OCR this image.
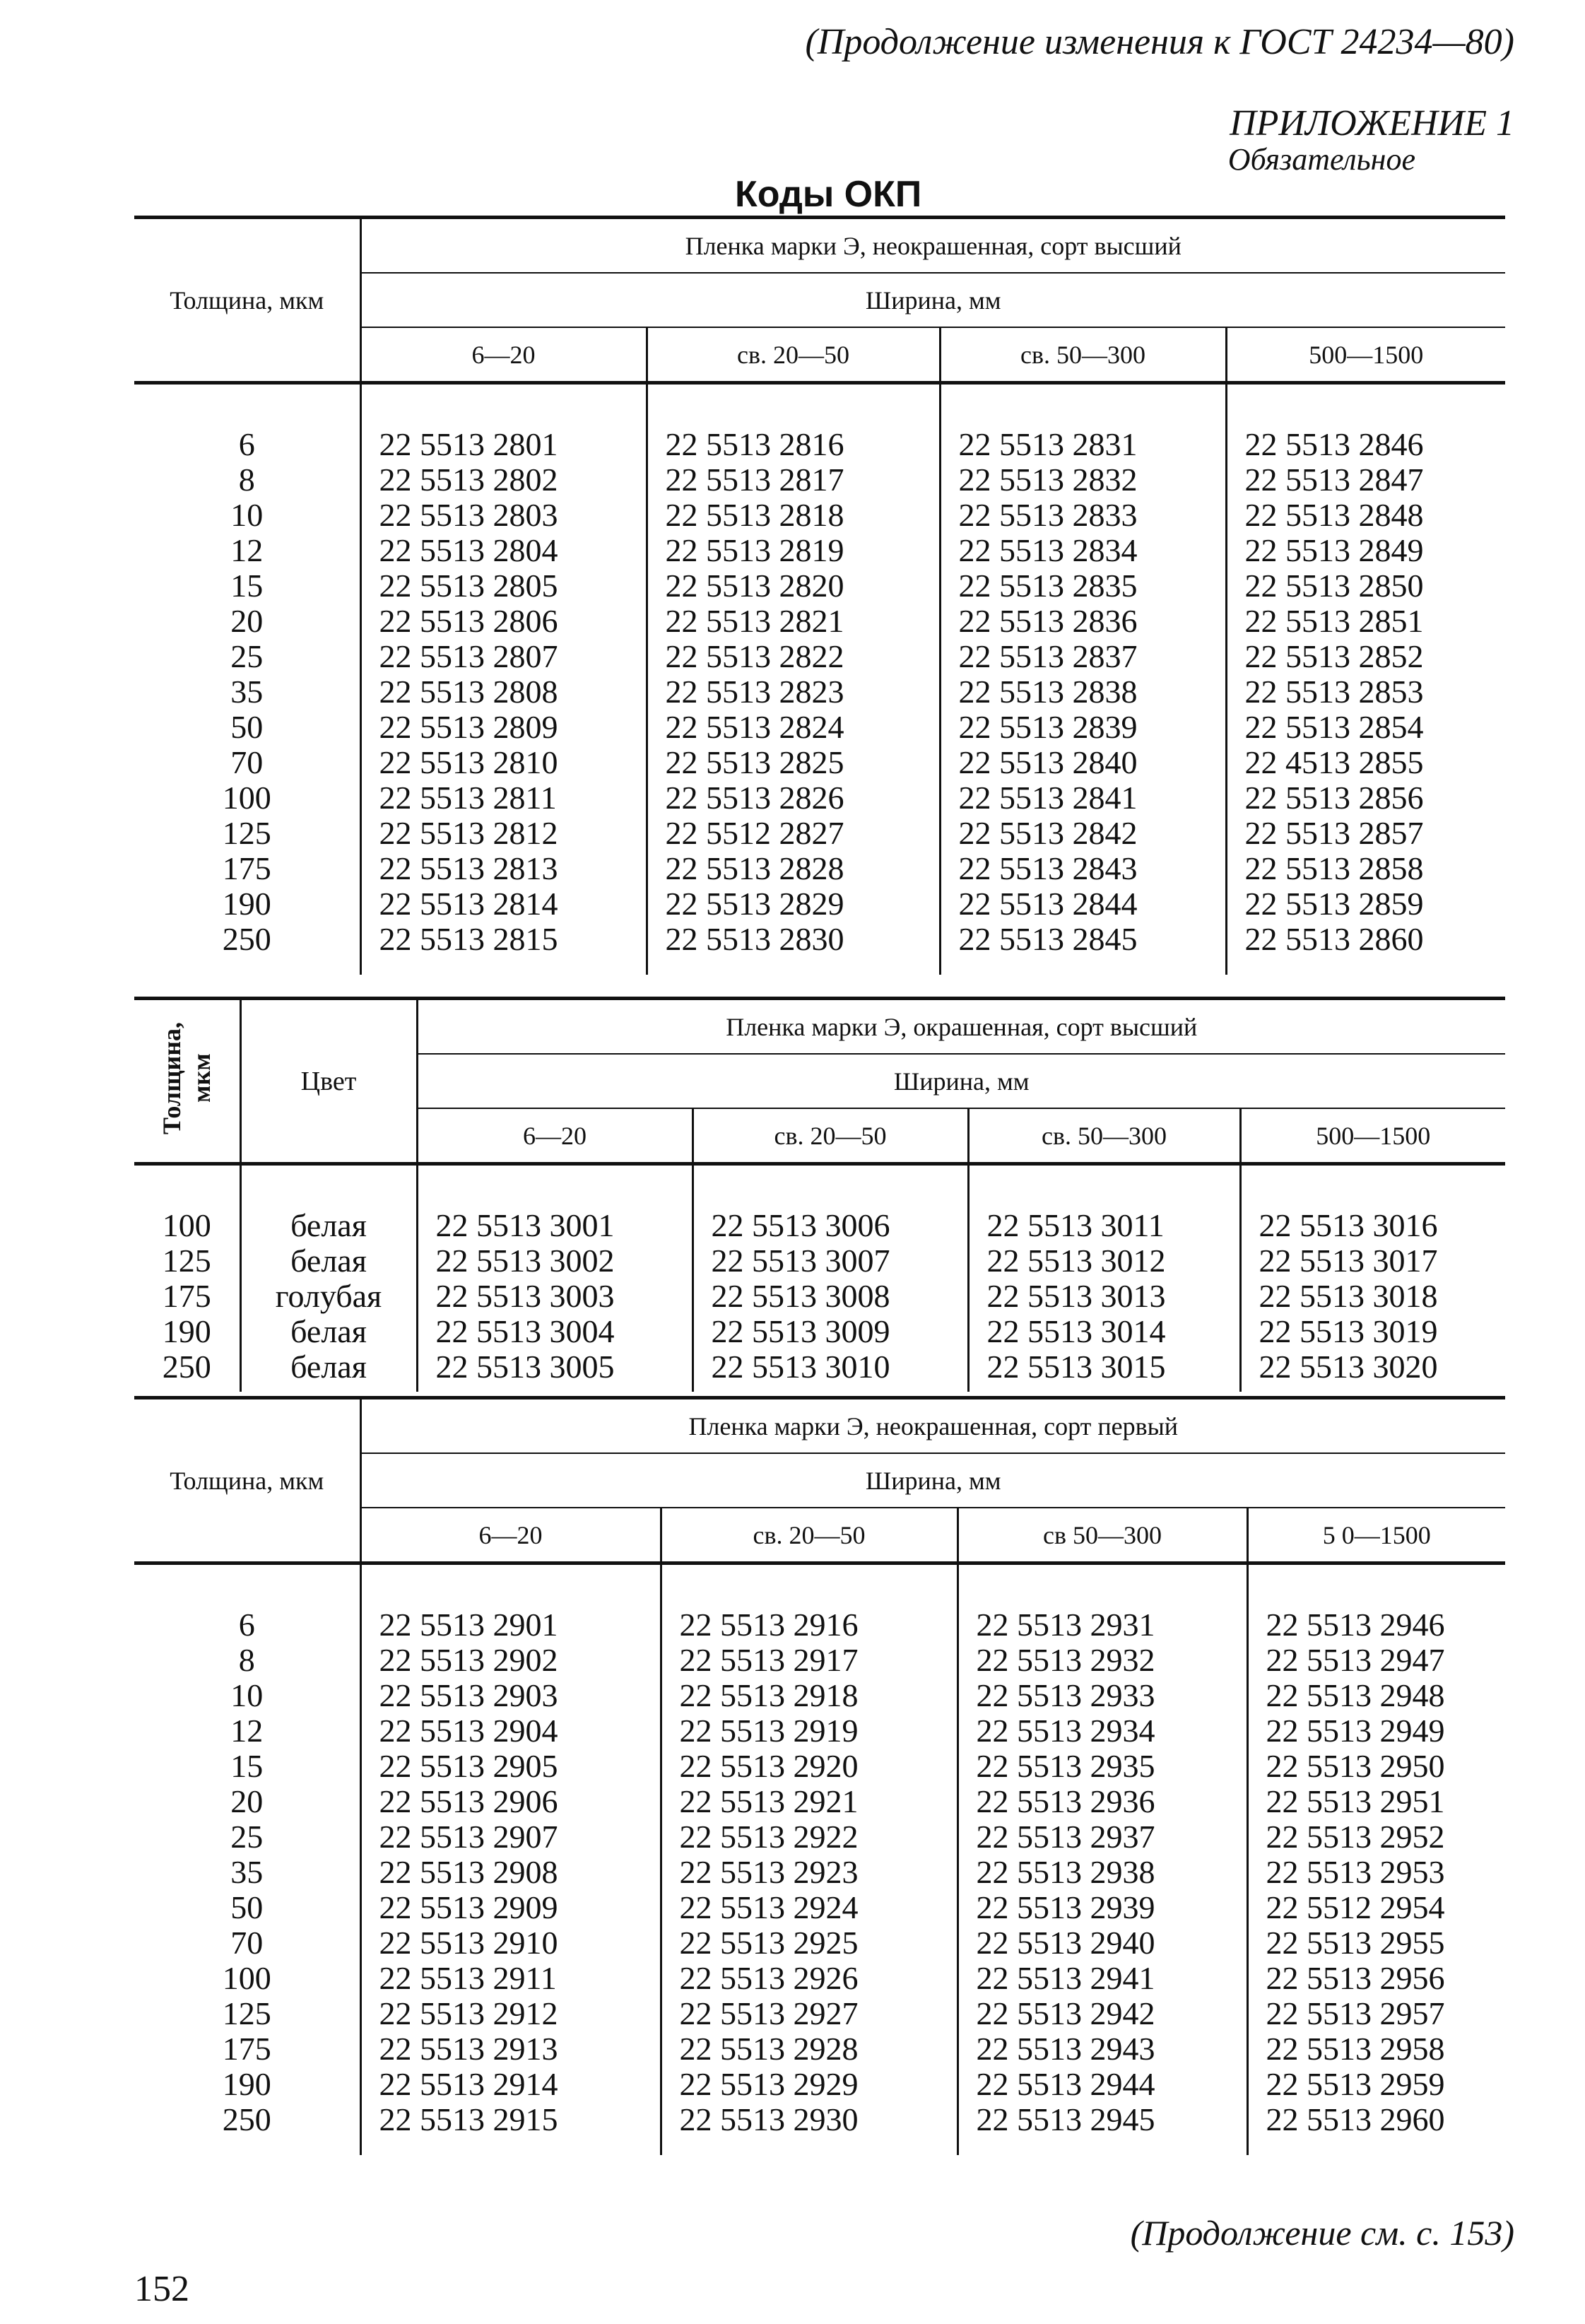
(Продолжение изменения к ГОСТ 24234—80)
ПРИЛОЖЕНИЕ 1
Обязательное
Коды ОКП
Толщина, мкм	Пленка марки Э, неокрашенная, сорт высший			
	Ширина, мм			
	6—20	св. 20—50	св. 50—300	500—1500
6	22 5513 2801	22 5513 2816	22 5513 2831	22 5513 2846
8	22 5513 2802	22 5513 2817	22 5513 2832	22 5513 2847
10	22 5513 2803	22 5513 2818	22 5513 2833	22 5513 2848
12	22 5513 2804	22 5513 2819	22 5513 2834	22 5513 2849
15	22 5513 2805	22 5513 2820	22 5513 2835	22 5513 2850
20	22 5513 2806	22 5513 2821	22 5513 2836	22 5513 2851
25	22 5513 2807	22 5513 2822	22 5513 2837	22 5513 2852
35	22 5513 2808	22 5513 2823	22 5513 2838	22 5513 2853
50	22 5513 2809	22 5513 2824	22 5513 2839	22 5513 2854
70	22 5513 2810	22 5513 2825	22 5513 2840	22 4513 2855
100	22 5513 2811	22 5513 2826	22 5513 2841	22 5513 2856
125	22 5513 2812	22 5512 2827	22 5513 2842	22 5513 2857
175	22 5513 2813	22 5513 2828	22 5513 2843	22 5513 2858
190	22 5513 2814	22 5513 2829	22 5513 2844	22 5513 2859
250	22 5513 2815	22 5513 2830	22 5513 2845	22 5513 2860
Толщина, мкм	Цвет	Пленка марки Э, окрашенная, сорт высший			
		Ширина, мм			
		6—20	св. 20—50	св. 50—300	500—1500
100	белая	22 5513 3001	22 5513 3006	22 5513 3011	22 5513 3016
125	белая	22 5513 3002	22 5513 3007	22 5513 3012	22 5513 3017
175	голубая	22 5513 3003	22 5513 3008	22 5513 3013	22 5513 3018
190	белая	22 5513 3004	22 5513 3009	22 5513 3014	22 5513 3019
250	белая	22 5513 3005	22 5513 3010	22 5513 3015	22 5513 3020
Толщина, мкм	Пленка марки Э, неокрашенная, сорт первый			
	Ширина, мм			
	6—20	св. 20—50	св 50—300	5 0—1500
6	22 5513 2901	22 5513 2916	22 5513 2931	22 5513 2946
8	22 5513 2902	22 5513 2917	22 5513 2932	22 5513 2947
10	22 5513 2903	22 5513 2918	22 5513 2933	22 5513 2948
12	22 5513 2904	22 5513 2919	22 5513 2934	22 5513 2949
15	22 5513 2905	22 5513 2920	22 5513 2935	22 5513 2950
20	22 5513 2906	22 5513 2921	22 5513 2936	22 5513 2951
25	22 5513 2907	22 5513 2922	22 5513 2937	22 5513 2952
35	22 5513 2908	22 5513 2923	22 5513 2938	22 5513 2953
50	22 5513 2909	22 5513 2924	22 5513 2939	22 5512 2954
70	22 5513 2910	22 5513 2925	22 5513 2940	22 5513 2955
100	22 5513 2911	22 5513 2926	22 5513 2941	22 5513 2956
125	22 5513 2912	22 5513 2927	22 5513 2942	22 5513 2957
175	22 5513 2913	22 5513 2928	22 5513 2943	22 5513 2958
190	22 5513 2914	22 5513 2929	22 5513 2944	22 5513 2959
250	22 5513 2915	22 5513 2930	22 5513 2945	22 5513 2960
(Продолжение см. с. 153)
152
